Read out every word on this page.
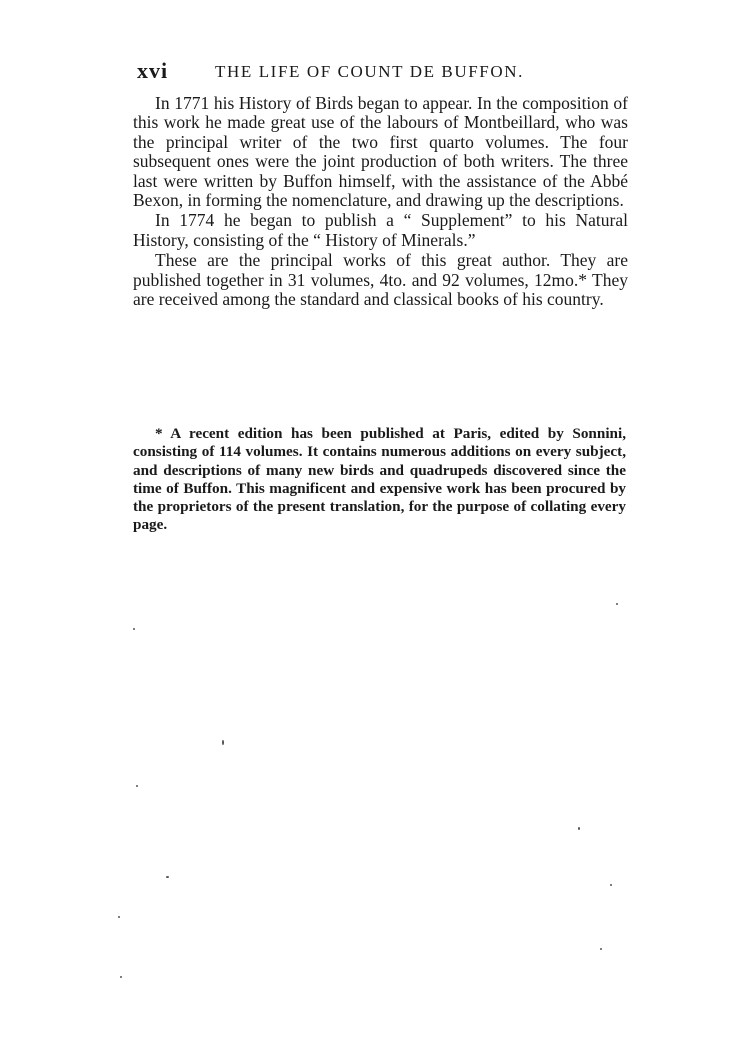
xvi	THE LIFE OF COUNT DE BUFFON.

In 1771 his History of Birds began to appear. In the composition of this work he made great use of the labours of Montbeillard, who was the principal writer of the two first quarto volumes. The four subsequent ones were the joint production of both writers. The three last were written by Buffon himself, with the assistance of the Abbé Bexon, in forming the nomenclature, and drawing up the descriptions.

In 1774 he began to publish a “ Supplement” to his Natural History, consisting of the “ History of Minerals.”

These are the principal works of this great author. They are published together in 31 volumes, 4to. and 92 volumes, 12mo.* They are received among the standard and classical books of his country.

* A recent edition has been published at Paris, edited by Sonnini, consisting of 114 volumes. It contains numerous additions on every subject, and descriptions of many new birds and quadrupeds discovered since the time of Buffon. This magnificent and expensive work has been procured by the proprietors of the present translation, for the purpose of collating every page.
